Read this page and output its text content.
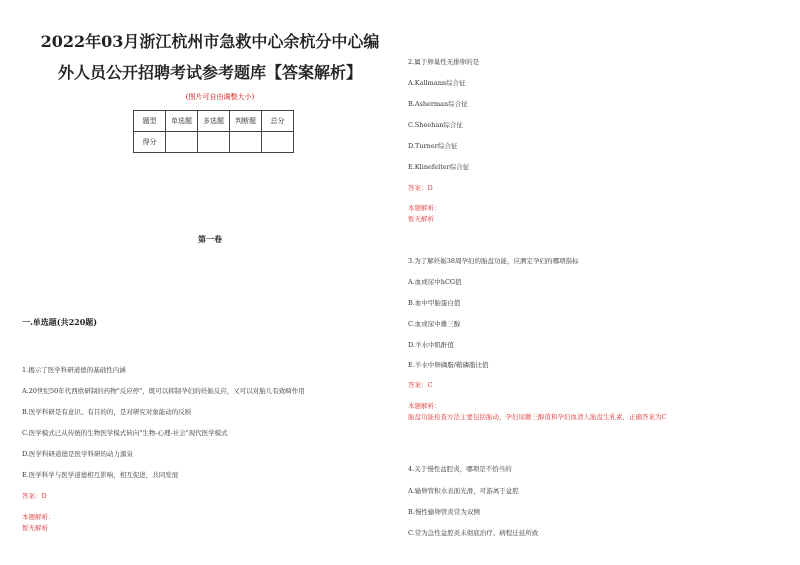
2022年03月浙江杭州市急救中心余杭分中心编
外人员公开招聘考试参考题库【答案解析】
(图片可自由调整大小)
题型	单选题	多选题	判断题	总分
得分				
第一卷
一.单选题(共220题)
1.揭示了医学科研道德的基础性内涵
A.20世纪50年代西欧研制的药物"反应停"，既可以抑制孕妇的妊娠反应，又可以对胎儿有致畸作用
B.医学科研是有意识、有目的的，是对研究对象能动的反映
C.医学模式已从传统的生物医学模式转向"生物-心理-社会"现代医学模式
D.医学科研道德是医学科研的动力源泉
E.医学科学与医学道德相互影响，相互促进，共同发展
答案：D
本题解析：
暂无解析
2.属于卵巢性无排卵的是
A.Kallmann综合征
B.Asherman综合征
C.Sheehan综合征
D.Turner综合征
E.Klinefelter综合征
答案：D
本题解析：
暂无解析
3.为了解妊娠38周孕妇的胎盘功能，应测定孕妇的哪项指标
A.血或尿中hCG值
B.血中甲胎蛋白值
C.血或尿中雌三醇
D.羊水中肌酐值
E.羊水中卵磷脂/鞘磷脂比值
答案：C
本题解析：
胎盘功能检查方法主要包括胎动，孕妇尿雌三醇值和孕妇血清人胎盘生乳素，正确答案为C
4.关于慢性盆腔炎，哪项是不恰当的
A.输卵管积水表面光滑，可游离于盆腔
B.慢性输卵管炎常为双侧
C.常为急性盆腔炎未彻底治疗、病程迁延所致
